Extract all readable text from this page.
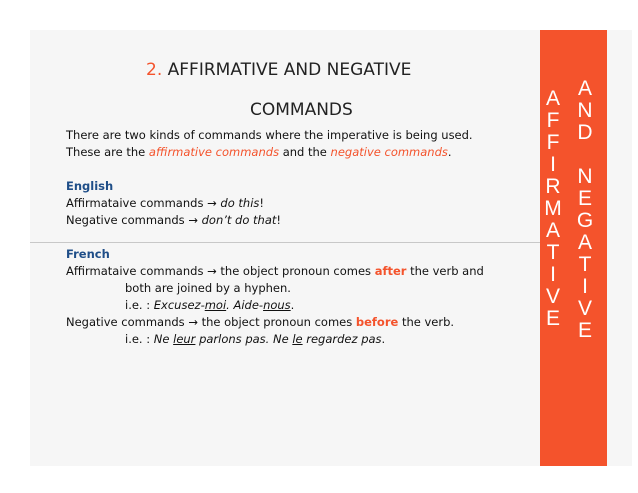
A
F
F
I
R
M
A
T
I
V
E
A
N
D
N
E
G
A
T
I
V
E
2. AFFIRMATIVE AND NEGATIVE
COMMANDS

There are two kinds of commands where the imperative is being used.

These are the affirmative commands and the negative commands.

English

Affirmataive commands → do this!

Negative commands → don’t do that!

French

Affirmataive commands → the object pronoun comes after the verb and

both are joined by a hyphen.

i.e. : Excusez-moi. Aide-nous.

Negative commands → the object pronoun comes before the verb.

i.e. : Ne leur parlons pas. Ne le regardez pas.
